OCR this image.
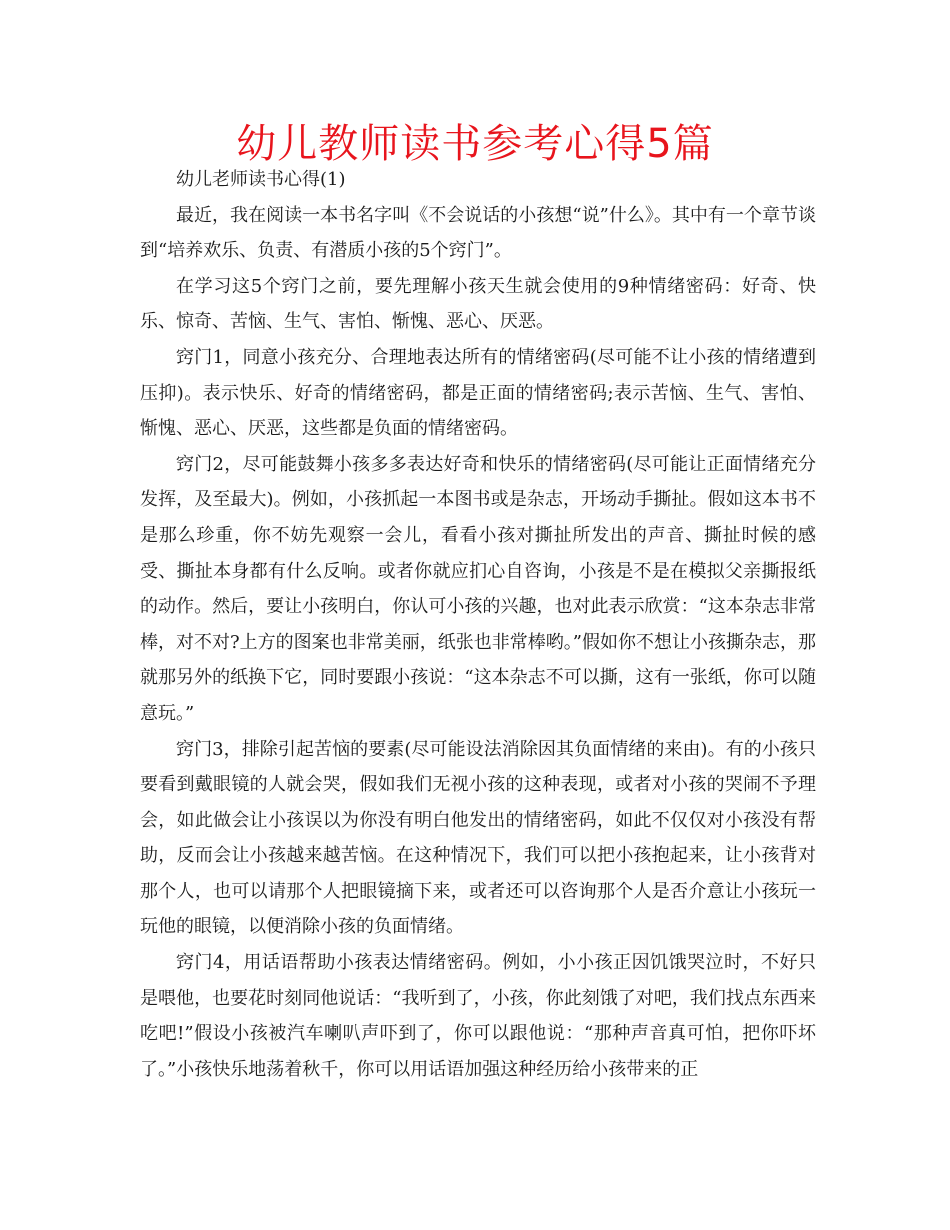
幼儿教师读书参考心得5篇

幼儿老师读书心得(1)

最近，我在阅读一本书名字叫《不会说话的小孩想“说”什么》。其中有一个章节谈到“培养欢乐、负责、有潜质小孩的5个窍门”。

在学习这5个窍门之前，要先理解小孩天生就会使用的9种情绪密码：好奇、快乐、惊奇、苦恼、生气、害怕、惭愧、恶心、厌恶。

窍门1，同意小孩充分、合理地表达所有的情绪密码(尽可能不让小孩的情绪遭到压抑)。表示快乐、好奇的情绪密码，都是正面的情绪密码;表示苦恼、生气、害怕、惭愧、恶心、厌恶，这些都是负面的情绪密码。

窍门2，尽可能鼓舞小孩多多表达好奇和快乐的情绪密码(尽可能让正面情绪充分发挥，及至最大)。例如，小孩抓起一本图书或是杂志，开场动手撕扯。假如这本书不是那么珍重，你不妨先观察一会儿，看看小孩对撕扯所发出的声音、撕扯时候的感受、撕扯本身都有什么反响。或者你就应扪心自咨询，小孩是不是在模拟父亲撕报纸的动作。然后，要让小孩明白，你认可小孩的兴趣，也对此表示欣赏：“这本杂志非常棒，对不对?上方的图案也非常美丽，纸张也非常棒哟。”假如你不想让小孩撕杂志，那就那另外的纸换下它，同时要跟小孩说：“这本杂志不可以撕，这有一张纸，你可以随意玩。”

窍门3，排除引起苦恼的要素(尽可能设法消除因其负面情绪的来由)。有的小孩只要看到戴眼镜的人就会哭，假如我们无视小孩的这种表现，或者对小孩的哭闹不予理会，如此做会让小孩误以为你没有明白他发出的情绪密码，如此不仅仅对小孩没有帮助，反而会让小孩越来越苦恼。在这种情况下，我们可以把小孩抱起来，让小孩背对那个人，也可以请那个人把眼镜摘下来，或者还可以咨询那个人是否介意让小孩玩一玩他的眼镜，以便消除小孩的负面情绪。

窍门4，用话语帮助小孩表达情绪密码。例如，小小孩正因饥饿哭泣时，不好只是喂他，也要花时刻同他说话：“我听到了，小孩，你此刻饿了对吧，我们找点东西来吃吧!”假设小孩被汽车喇叭声吓到了，你可以跟他说：“那种声音真可怕，把你吓坏了。”小孩快乐地荡着秋千，你可以用话语加强这种经历给小孩带来的正
